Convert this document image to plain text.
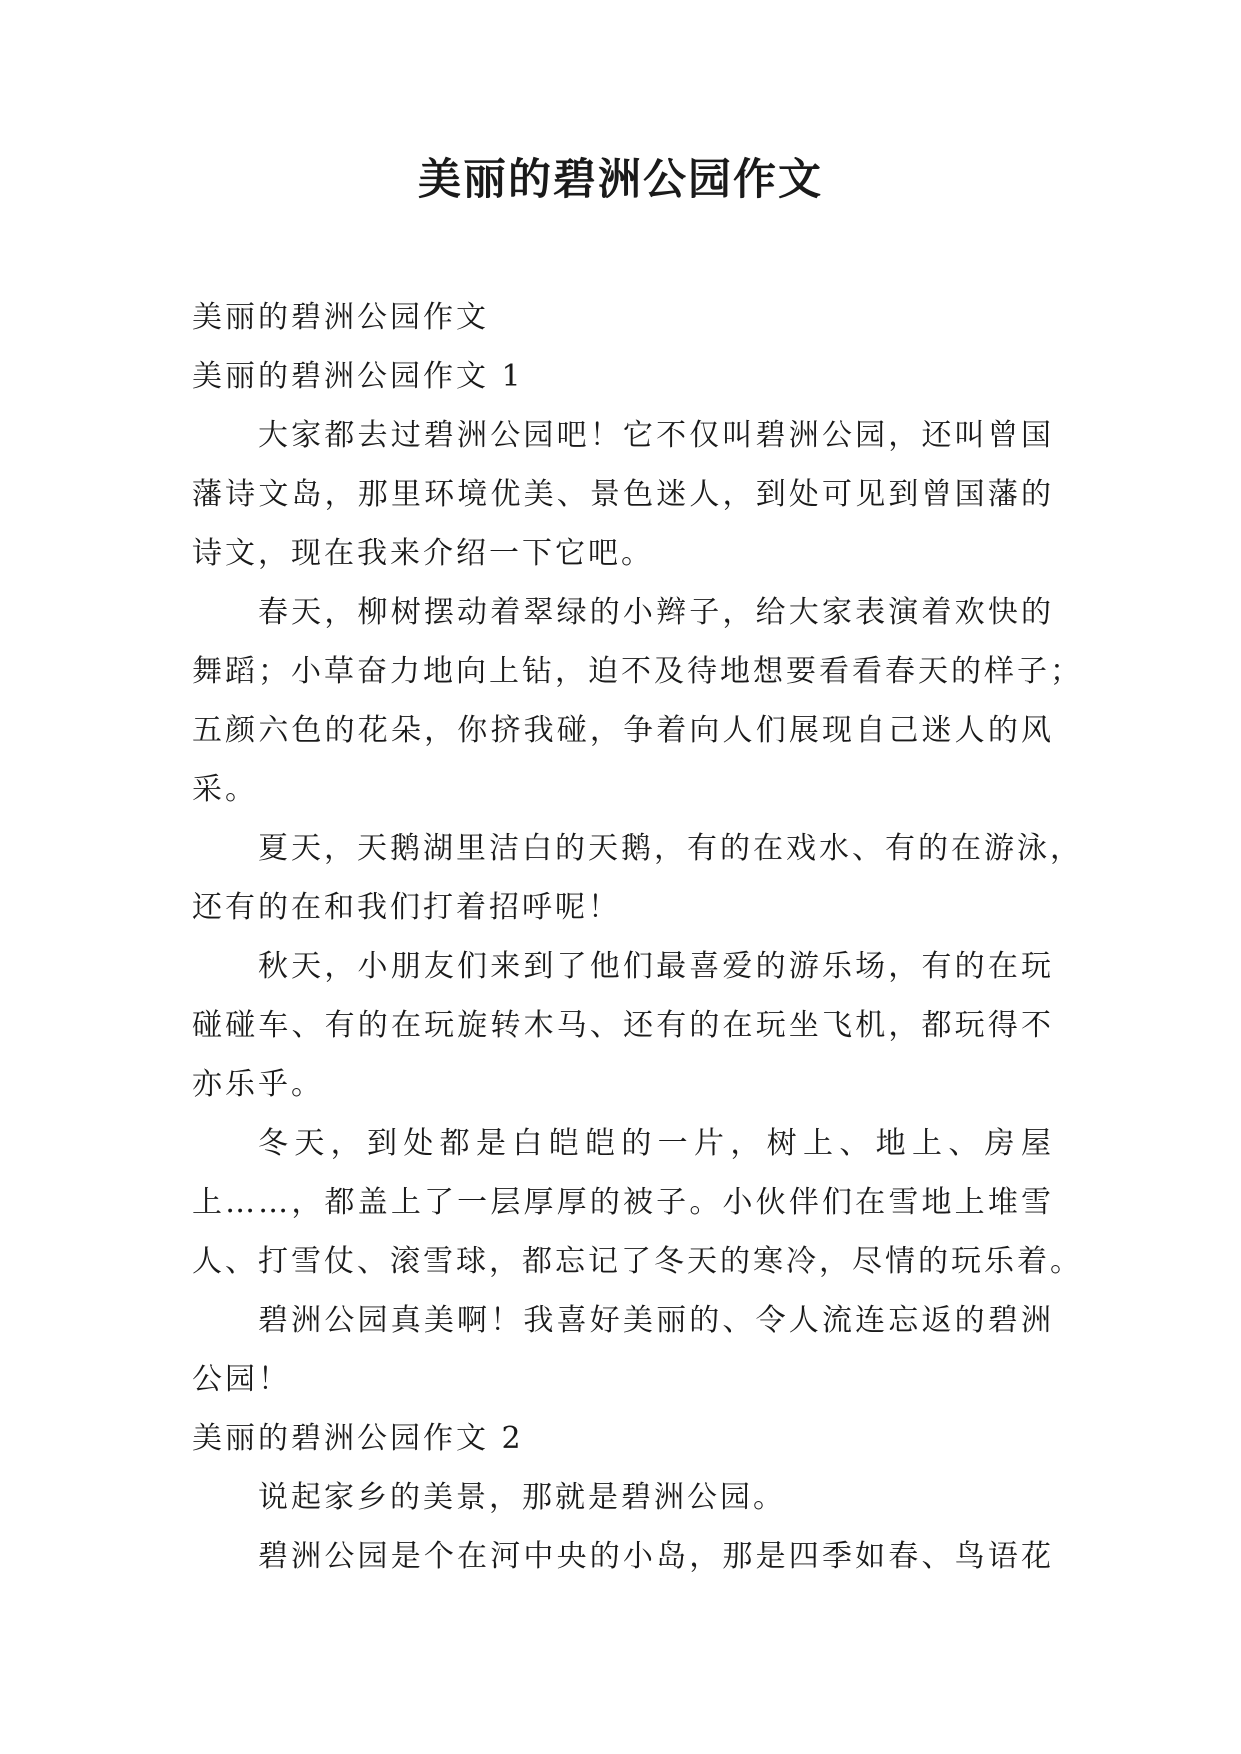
美丽的碧洲公园作文

美丽的碧洲公园作文

美丽的碧洲公园作文 1

大家都去过碧洲公园吧！它不仅叫碧洲公园，还叫曾国

藩诗文岛，那里环境优美、景色迷人，到处可见到曾国藩的

诗文，现在我来介绍一下它吧。

春天，柳树摆动着翠绿的小辫子，给大家表演着欢快的

舞蹈；小草奋力地向上钻，迫不及待地想要看看春天的样子；

五颜六色的花朵，你挤我碰，争着向人们展现自己迷人的风

采。

夏天，天鹅湖里洁白的天鹅，有的在戏水、有的在游泳，

还有的在和我们打着招呼呢！

秋天，小朋友们来到了他们最喜爱的游乐场，有的在玩

碰碰车、有的在玩旋转木马、还有的在玩坐飞机，都玩得不

亦乐乎。

冬天，到处都是白皑皑的一片，树上、地上、房屋

上……，都盖上了一层厚厚的被子。小伙伴们在雪地上堆雪

人、打雪仗、滚雪球，都忘记了冬天的寒冷，尽情的玩乐着。

碧洲公园真美啊！我喜好美丽的、令人流连忘返的碧洲

公园！

美丽的碧洲公园作文 2

说起家乡的美景，那就是碧洲公园。

碧洲公园是个在河中央的小岛，那是四季如春、鸟语花
